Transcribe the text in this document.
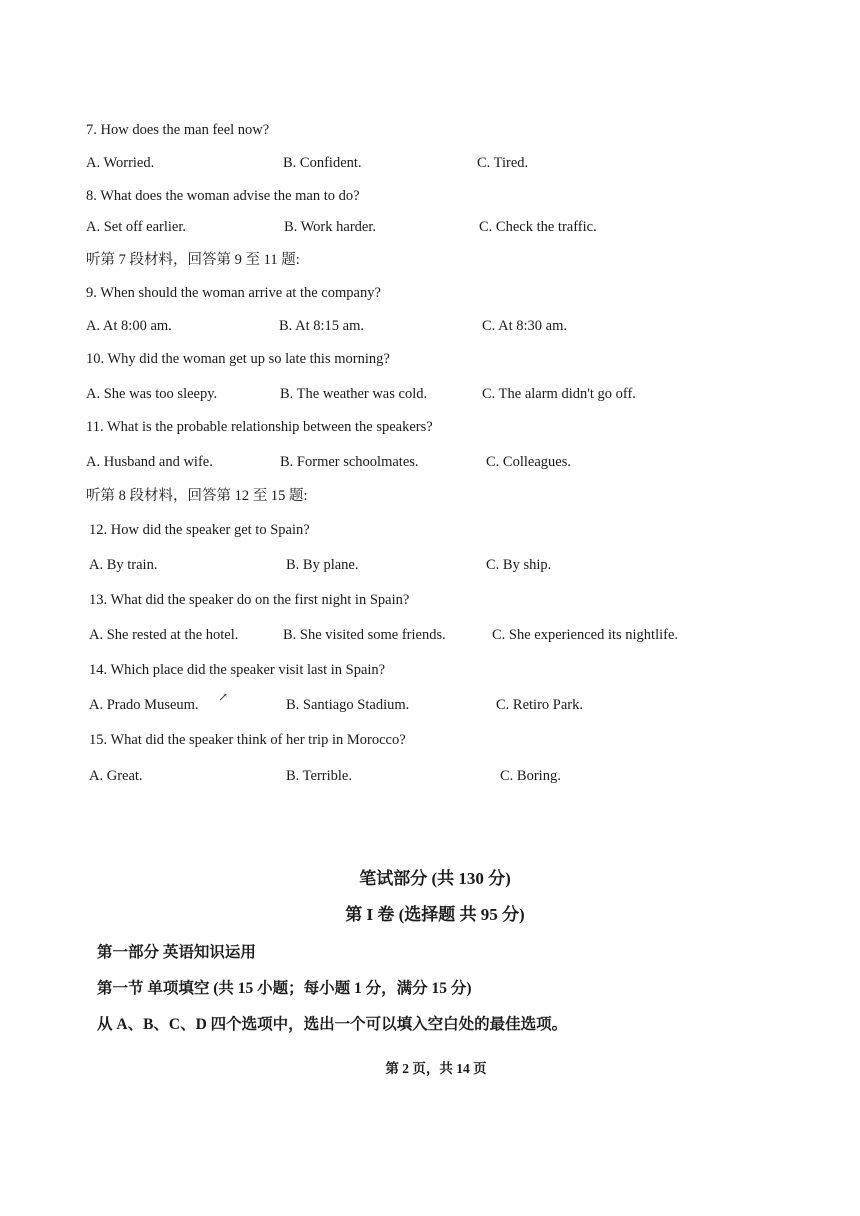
7. How does the man feel now?
A. Worried.	B. Confident.	C. Tired.
8. What does the woman advise the man to do?
A. Set off earlier.	B. Work harder.	C. Check the traffic.
听第 7 段材料，回答第 9 至 11 题:
9. When should the woman arrive at the company?
A. At 8:00 am.	B. At 8:15 am.	C. At 8:30 am.
10. Why did the woman get up so late this morning?
A. She was too sleepy.	B. The weather was cold.	C. The alarm didn't go off.
11. What is the probable relationship between the speakers?
A. Husband and wife.	B. Former schoolmates.	C. Colleagues.
听第 8 段材料，回答第 12 至 15 题:
12. How did the speaker get to Spain?
A. By train.	B. By plane.	C. By ship.
13. What did the speaker do on the first night in Spain?
A. She rested at the hotel.	B. She visited some friends.	C. She experienced its nightlife.
14. Which place did the speaker visit last in Spain?
A. Prado Museum. ↗	B. Santiago Stadium.	C. Retiro Park.
15. What did the speaker think of her trip in Morocco?
A. Great.	B. Terrible.	C. Boring.
笔试部分 (共 130 分)
第 I 卷 (选择题 共 95 分)
第一部分 英语知识运用
第一节 单项填空 (共 15 小题；每小题 1 分，满分 15 分)
从 A、B、C、D 四个选项中，选出一个可以填入空白处的最佳选项。
第 2 页，共 14 页
